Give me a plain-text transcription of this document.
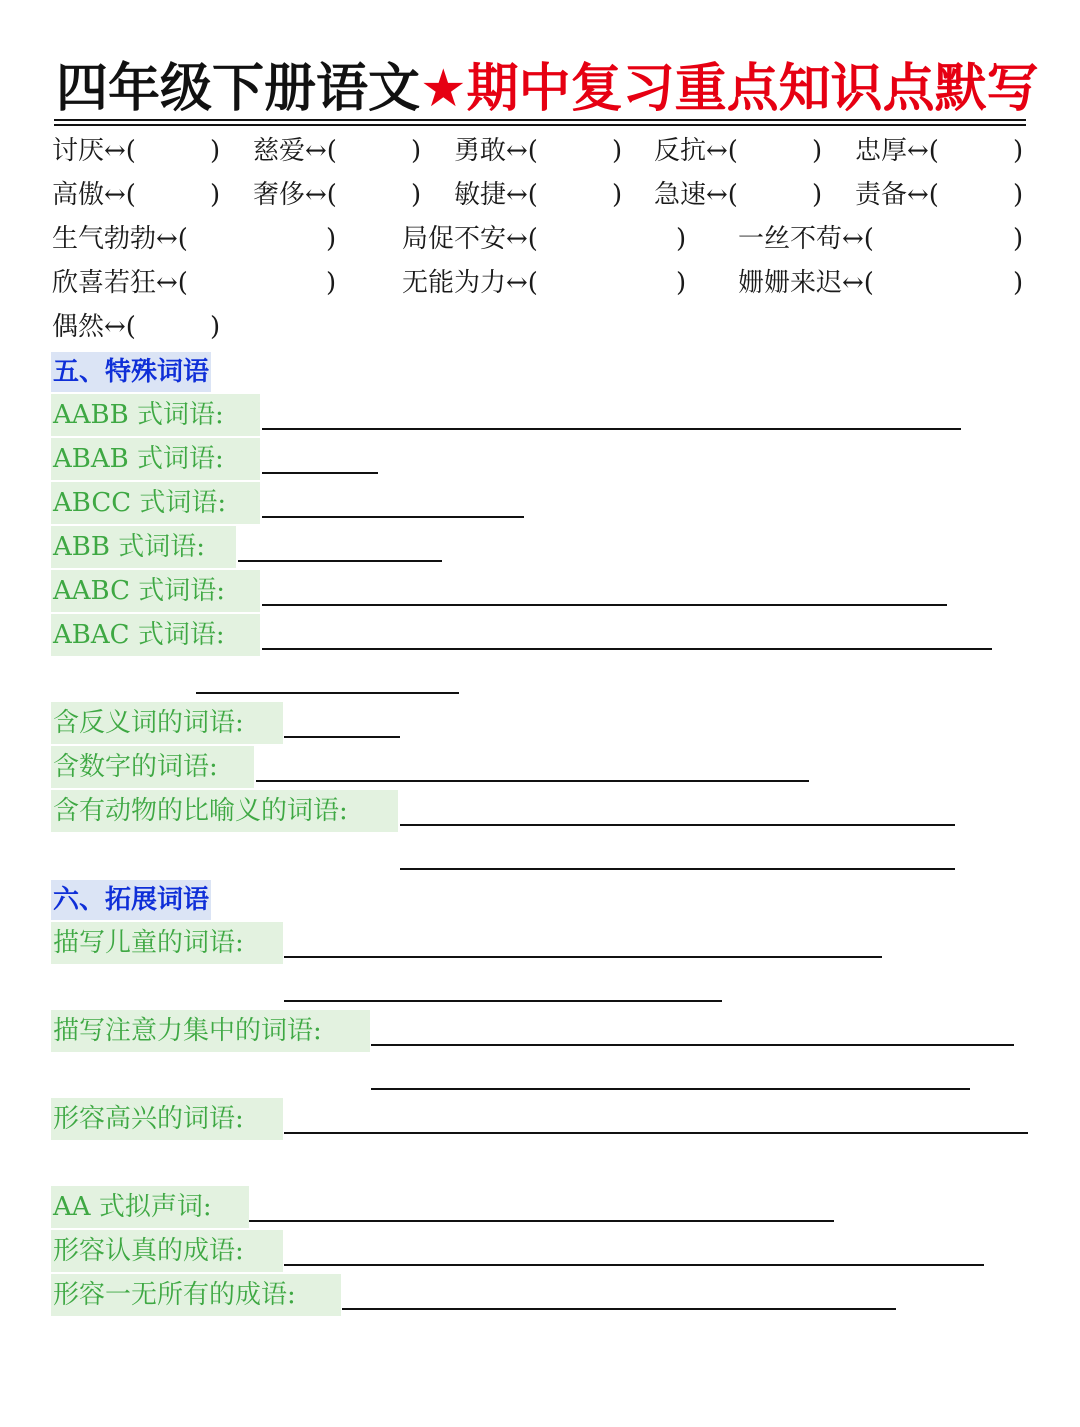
四年级下册语文★期中复习重点知识点默写
讨厌↔(	) 慈爱↔(	) 勇敢↔(	) 反抗↔(	) 忠厚↔(	)
高傲↔(	) 奢侈↔(	) 敏捷↔(	) 急速↔(	) 责备↔(	)
生气勃勃↔(	)	局促不安↔(	) 一丝不苟↔(	)
欣喜若狂↔(	)	无能为力↔(	) 姗姗来迟↔(	)
偶然↔(	)
五、特殊词语
AABB 式词语:
ABAB 式词语:
ABCC 式词语:
ABB 式词语:
AABC 式词语:
ABAC 式词语:
含反义词的词语:
含数字的词语:
含有动物的比喻义的词语:
六、拓展词语
描写儿童的词语:
描写注意力集中的词语:
形容高兴的词语:
AA 式拟声词:
形容认真的成语:
形容一无所有的成语:
